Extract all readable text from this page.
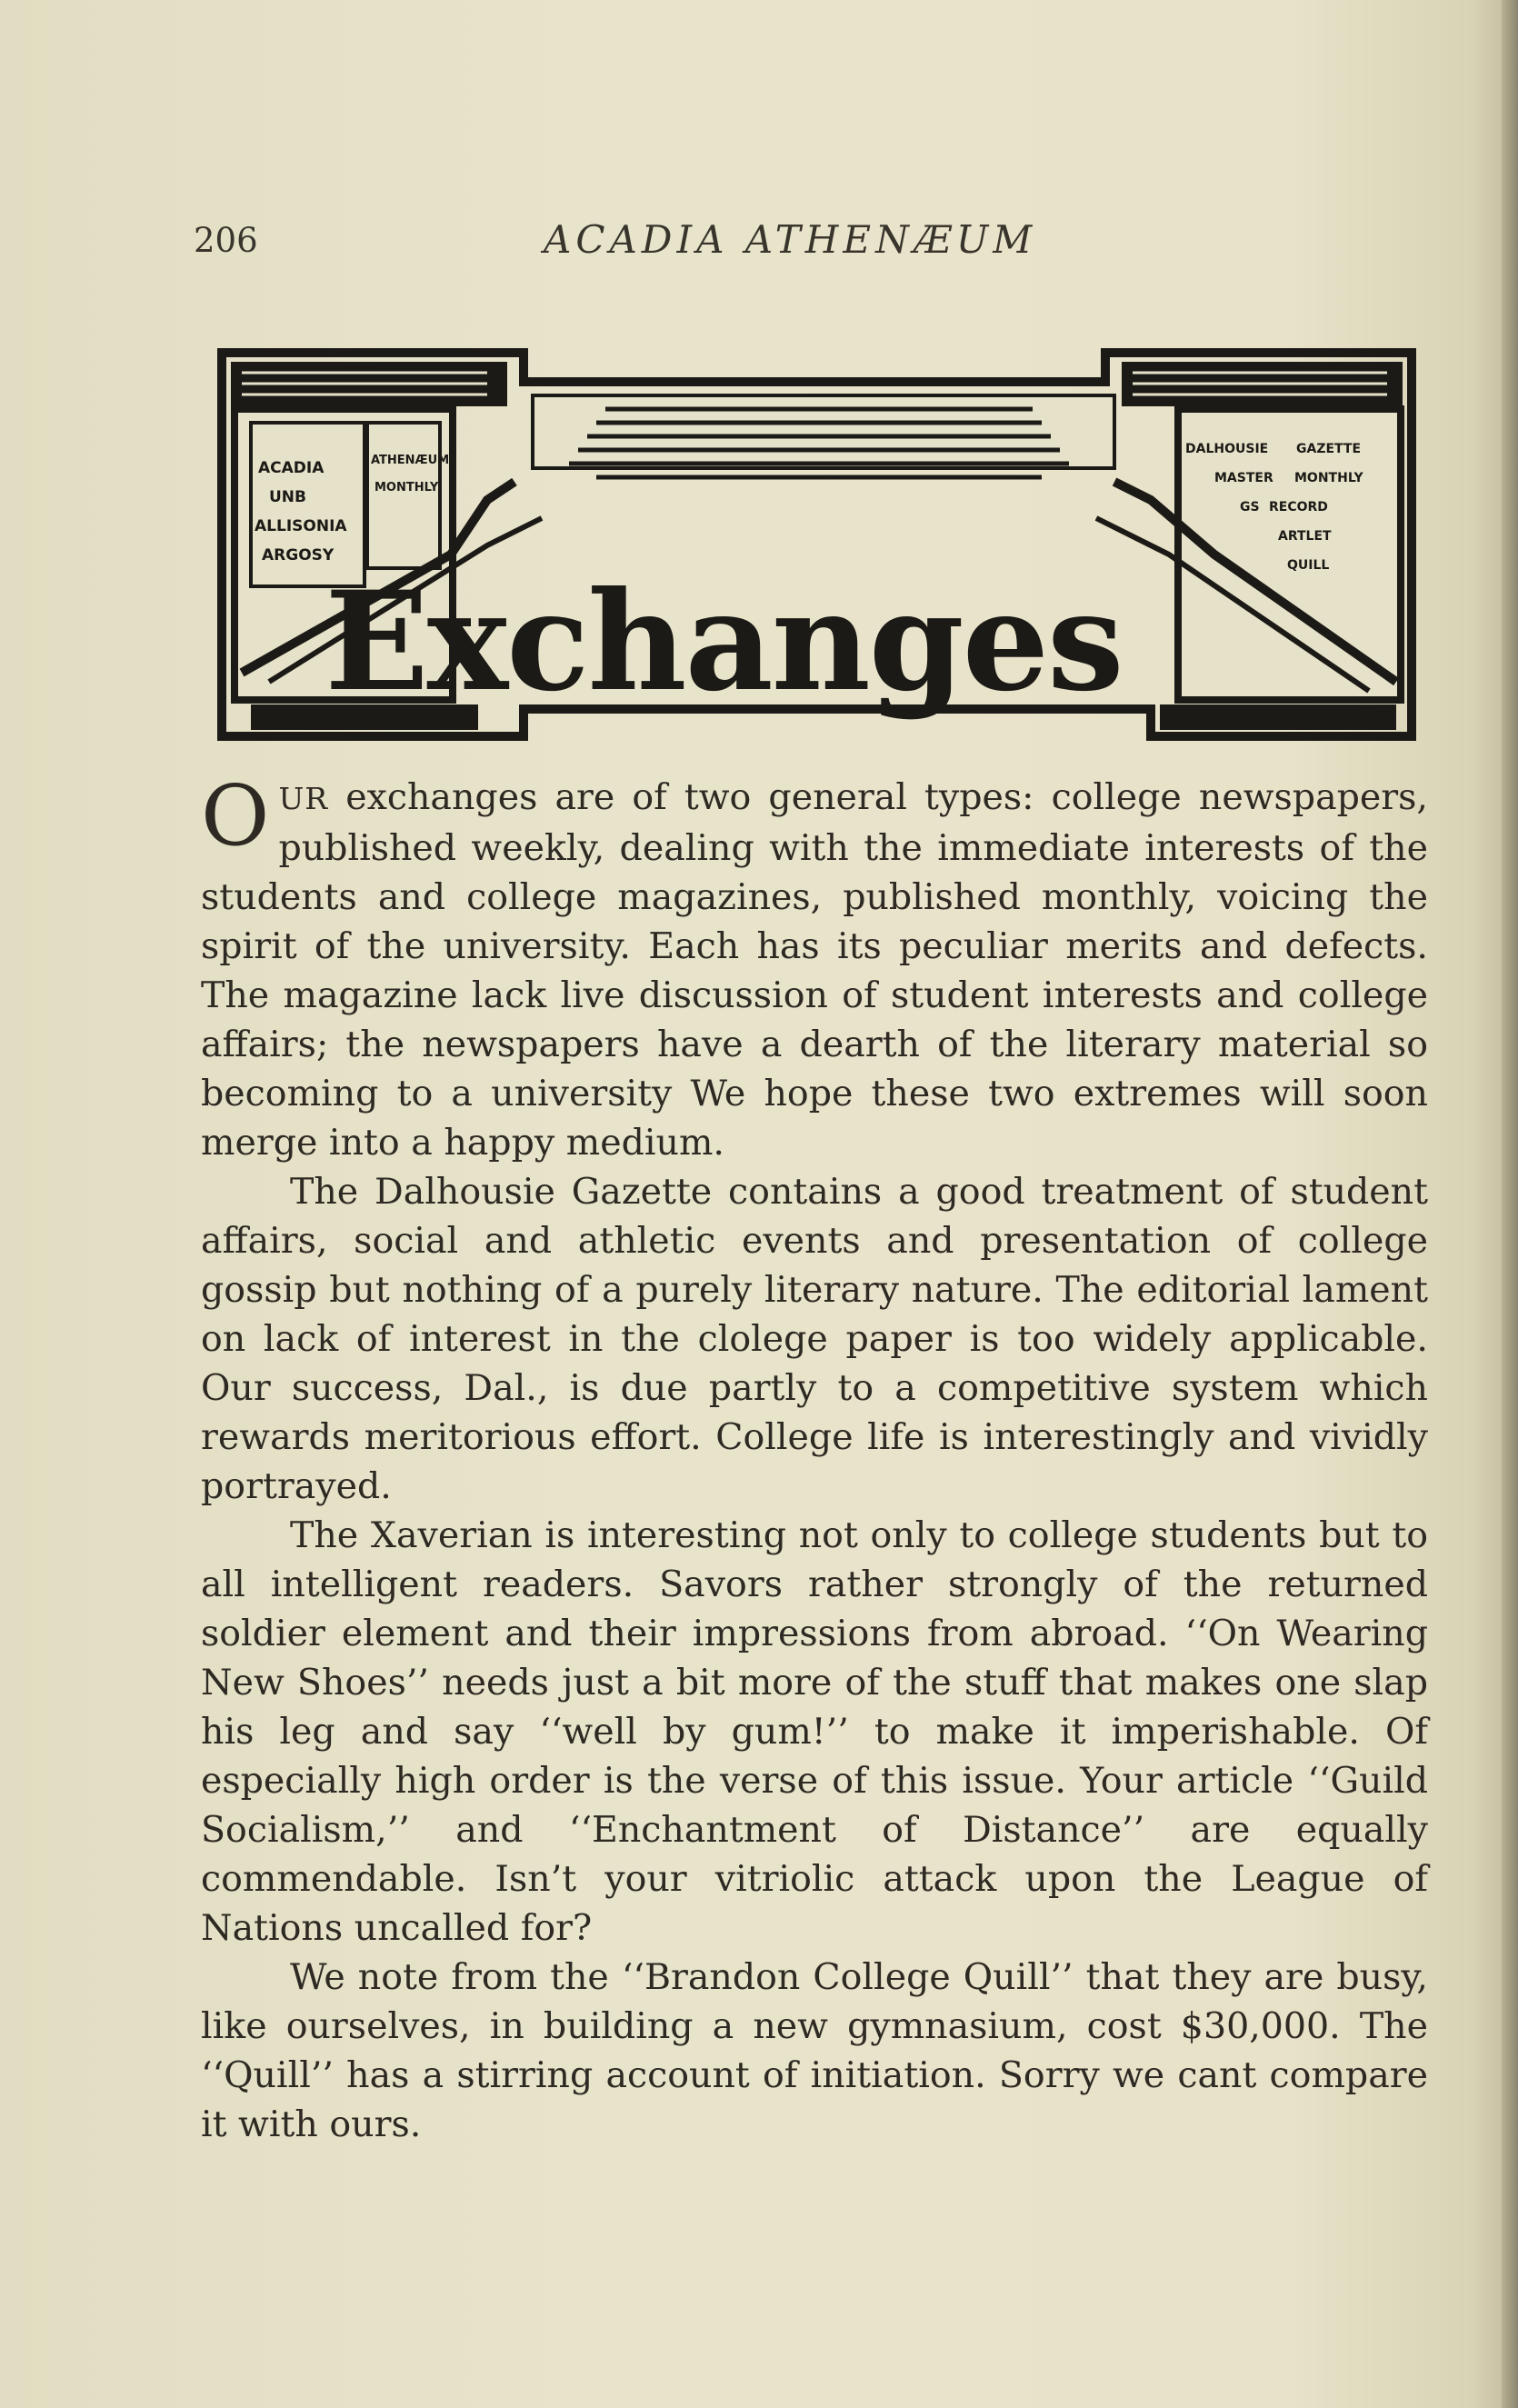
206	ACADIA ATHENÆUM
ACADIA
UNB
ALLISONIA
ARGOSY
ATHENÆUM
MONTHLY
DALHOUSIE GAZETTE
MASTER MONTHLY
GS RECORD
ARTLET
QUILL
Exchanges

OUR exchanges are of two general types: college newspapers, published weekly, dealing with the immediate interests of the students and college magazines, published monthly, voicing the spirit of the university. Each has its peculiar merits and defects. The magazine lack live discussion of student interests and college affairs; the newspapers have a dearth of the literary material so becoming to a university We hope these two extremes will soon merge into a happy medium.

The Dalhousie Gazette contains a good treatment of student affairs, social and athletic events and presentation of college gossip but nothing of a purely literary nature. The editorial lament on lack of interest in the clolege paper is too widely applicable. Our success, Dal., is due partly to a competitive system which rewards meritorious effort. College life is interestingly and vividly portrayed.

The Xaverian is interesting not only to college students but to all intelligent readers. Savors rather strongly of the returned soldier element and their impressions from abroad. ‘‘On Wearing New Shoes’’ needs just a bit more of the stuff that makes one slap his leg and say ‘‘well by gum!’’ to make it imperishable. Of especially high order is the verse of this issue. Your article ‘‘Guild Socialism,’’ and ‘‘Enchantment of Distance’’ are equally commendable. Isn’t your vitriolic attack upon the League of Nations uncalled for?

We note from the ‘‘Brandon College Quill’’ that they are busy, like ourselves, in building a new gymnasium, cost $30,000. The ‘‘Quill’’ has a stirring account of initiation. Sorry we cant compare it with ours.
